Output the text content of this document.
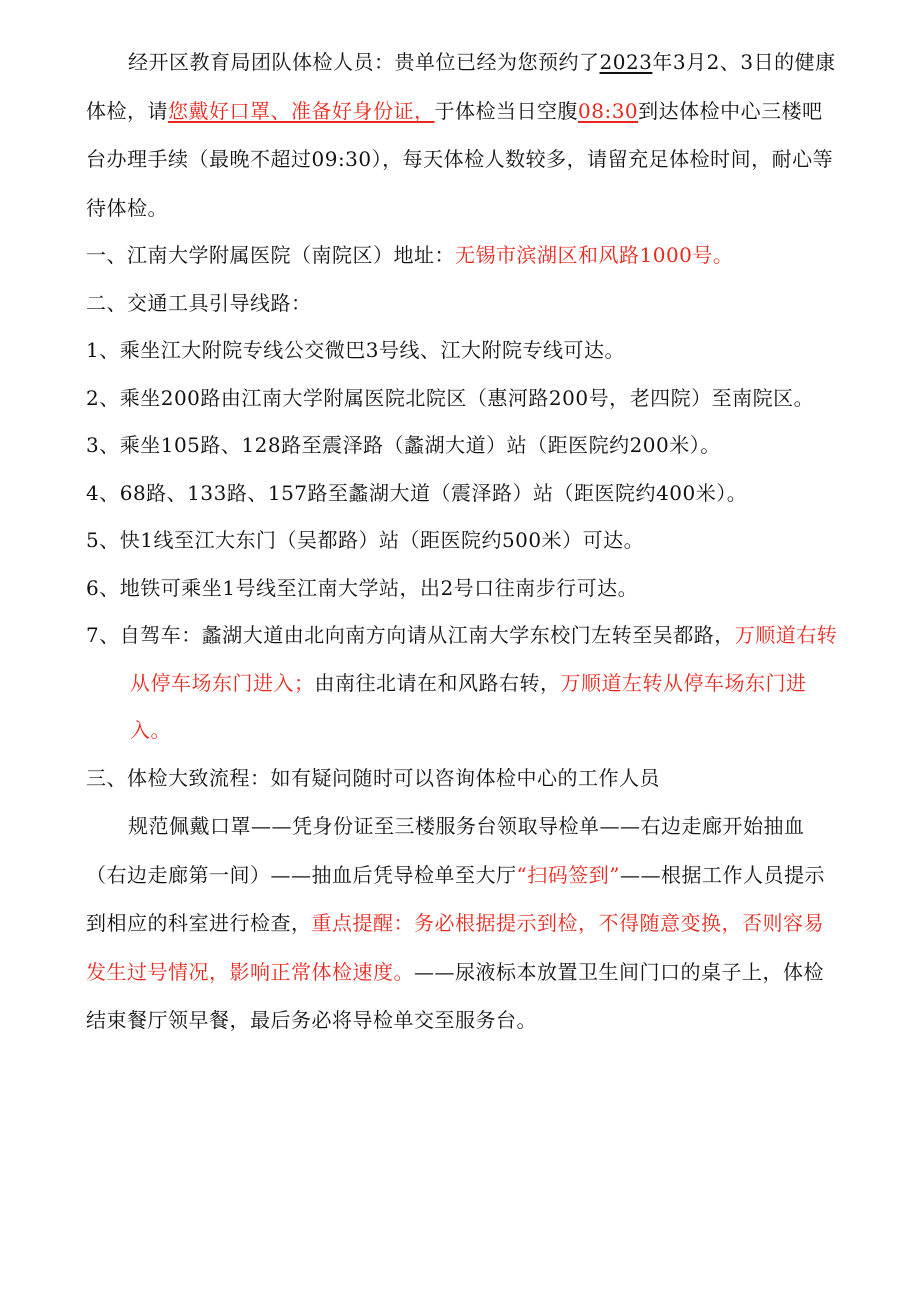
经开区教育局团队体检人员：贵单位已经为您预约了2023年3月2、3日的健康体检，请您戴好口罩、准备好身份证，于体检当日空腹08:30到达体检中心三楼吧台办理手续（最晚不超过09:30），每天体检人数较多，请留充足体检时间，耐心等待体检。

一、江南大学附属医院（南院区）地址：无锡市滨湖区和风路1000号。

二、交通工具引导线路：

1、乘坐江大附院专线公交微巴3号线、江大附院专线可达。

2、乘坐200路由江南大学附属医院北院区（惠河路200号，老四院）至南院区。

3、乘坐105路、128路至震泽路（蠡湖大道）站（距医院约200米）。

4、68路、133路、157路至蠡湖大道（震泽路）站（距医院约400米）。

5、快1线至江大东门（吴都路）站（距医院约500米）可达。

6、地铁可乘坐1号线至江南大学站，出2号口往南步行可达。

7、自驾车：蠡湖大道由北向南方向请从江南大学东校门左转至吴都路，万顺道右转从停车场东门进入；由南往北请在和风路右转，万顺道左转从停车场东门进入。

三、体检大致流程：如有疑问随时可以咨询体检中心的工作人员

规范佩戴口罩——凭身份证至三楼服务台领取导检单——右边走廊开始抽血（右边走廊第一间）——抽血后凭导检单至大厅“扫码签到”——根据工作人员提示到相应的科室进行检查，重点提醒：务必根据提示到检，不得随意变换，否则容易发生过号情况，影响正常体检速度。——尿液标本放置卫生间门口的桌子上，体检结束餐厅领早餐，最后务必将导检单交至服务台。
